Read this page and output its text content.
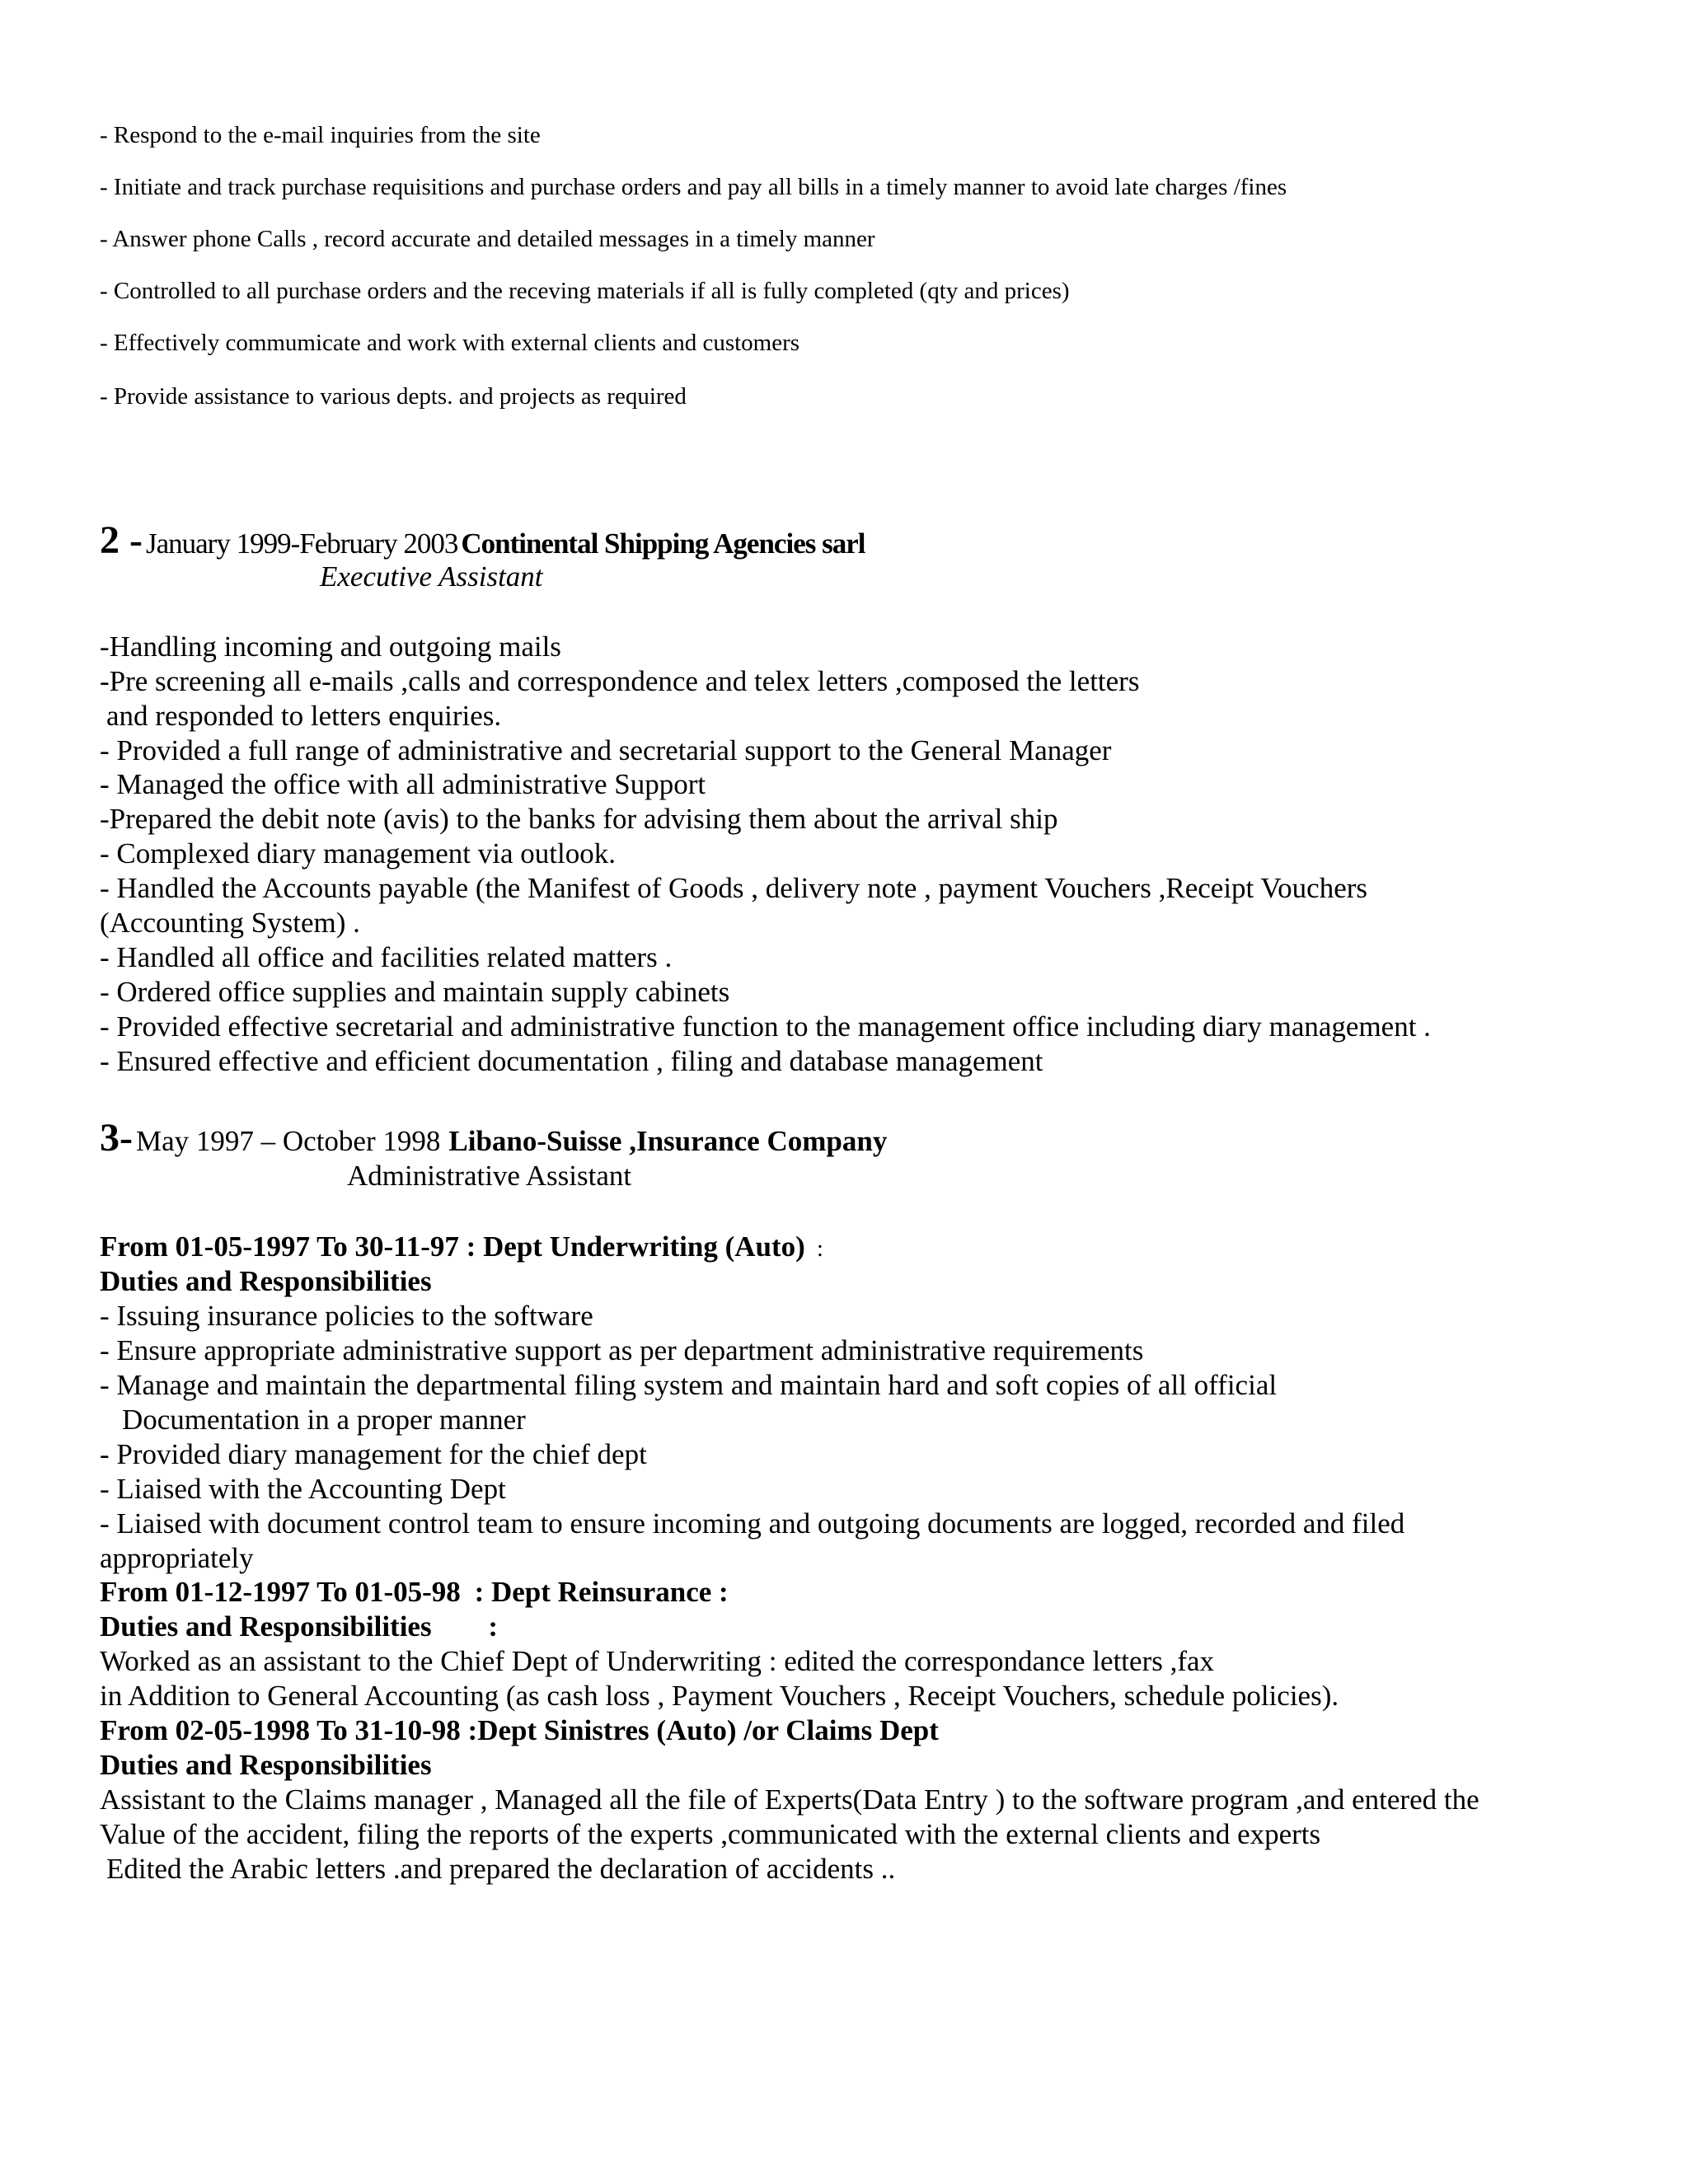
- Respond to the e-mail inquiries from the site
- Initiate and track purchase requisitions and purchase orders and pay all bills in a timely manner to avoid late charges /fines
- Answer phone Calls , record accurate and detailed messages in a timely manner
- Controlled to all purchase orders and the receving materials if all is fully completed (qty and prices)
- Effectively commumicate and work with external clients and customers
- Provide assistance to various depts. and projects as required
2 - January 1999-February 2003 Continental Shipping Agencies sarl
Executive Assistant
-Handling incoming and outgoing mails
-Pre screening all e-mails ,calls and correspondence and telex letters ,composed the letters
and responded to letters enquiries.
- Provided a full range of administrative and secretarial support to the General Manager
- Managed the office with all administrative Support
-Prepared the debit note (avis) to the banks for advising them about the arrival ship
- Complexed diary management via outlook.
- Handled the Accounts payable (the Manifest of Goods , delivery note , payment Vouchers ,Receipt Vouchers
(Accounting System) .
- Handled all office and facilities related matters .
- Ordered office supplies and maintain supply cabinets
- Provided effective secretarial and administrative function to the management office including diary management .
- Ensured effective and efficient documentation , filing and database management
3- May 1997 – October 1998 Libano-Suisse ,Insurance Company
Administrative Assistant
From 01-05-1997 To 30-11-97 : Dept Underwriting (Auto) :
Duties and Responsibilities
- Issuing insurance policies to the software
- Ensure appropriate administrative support as per department administrative requirements
- Manage and maintain the departmental filing system and maintain hard and soft copies of all official
Documentation in a proper manner
- Provided diary management for the chief dept
- Liaised with the Accounting Dept
- Liaised with document control team to ensure incoming and outgoing documents are logged, recorded and filed
appropriately
From 01-12-1997 To 01-05-98 : Dept Reinsurance :
Duties and Responsibilities :
Worked as an assistant to the Chief Dept of Underwriting : edited the correspondance letters ,fax
in Addition to General Accounting (as cash loss , Payment Vouchers , Receipt Vouchers, schedule policies).
From 02-05-1998 To 31-10-98 :Dept Sinistres (Auto) /or Claims Dept
Duties and Responsibilities
Assistant to the Claims manager , Managed all the file of Experts(Data Entry ) to the software program ,and entered the
Value of the accident, filing the reports of the experts ,communicated with the external clients and experts
Edited the Arabic letters .and prepared the declaration of accidents ..
